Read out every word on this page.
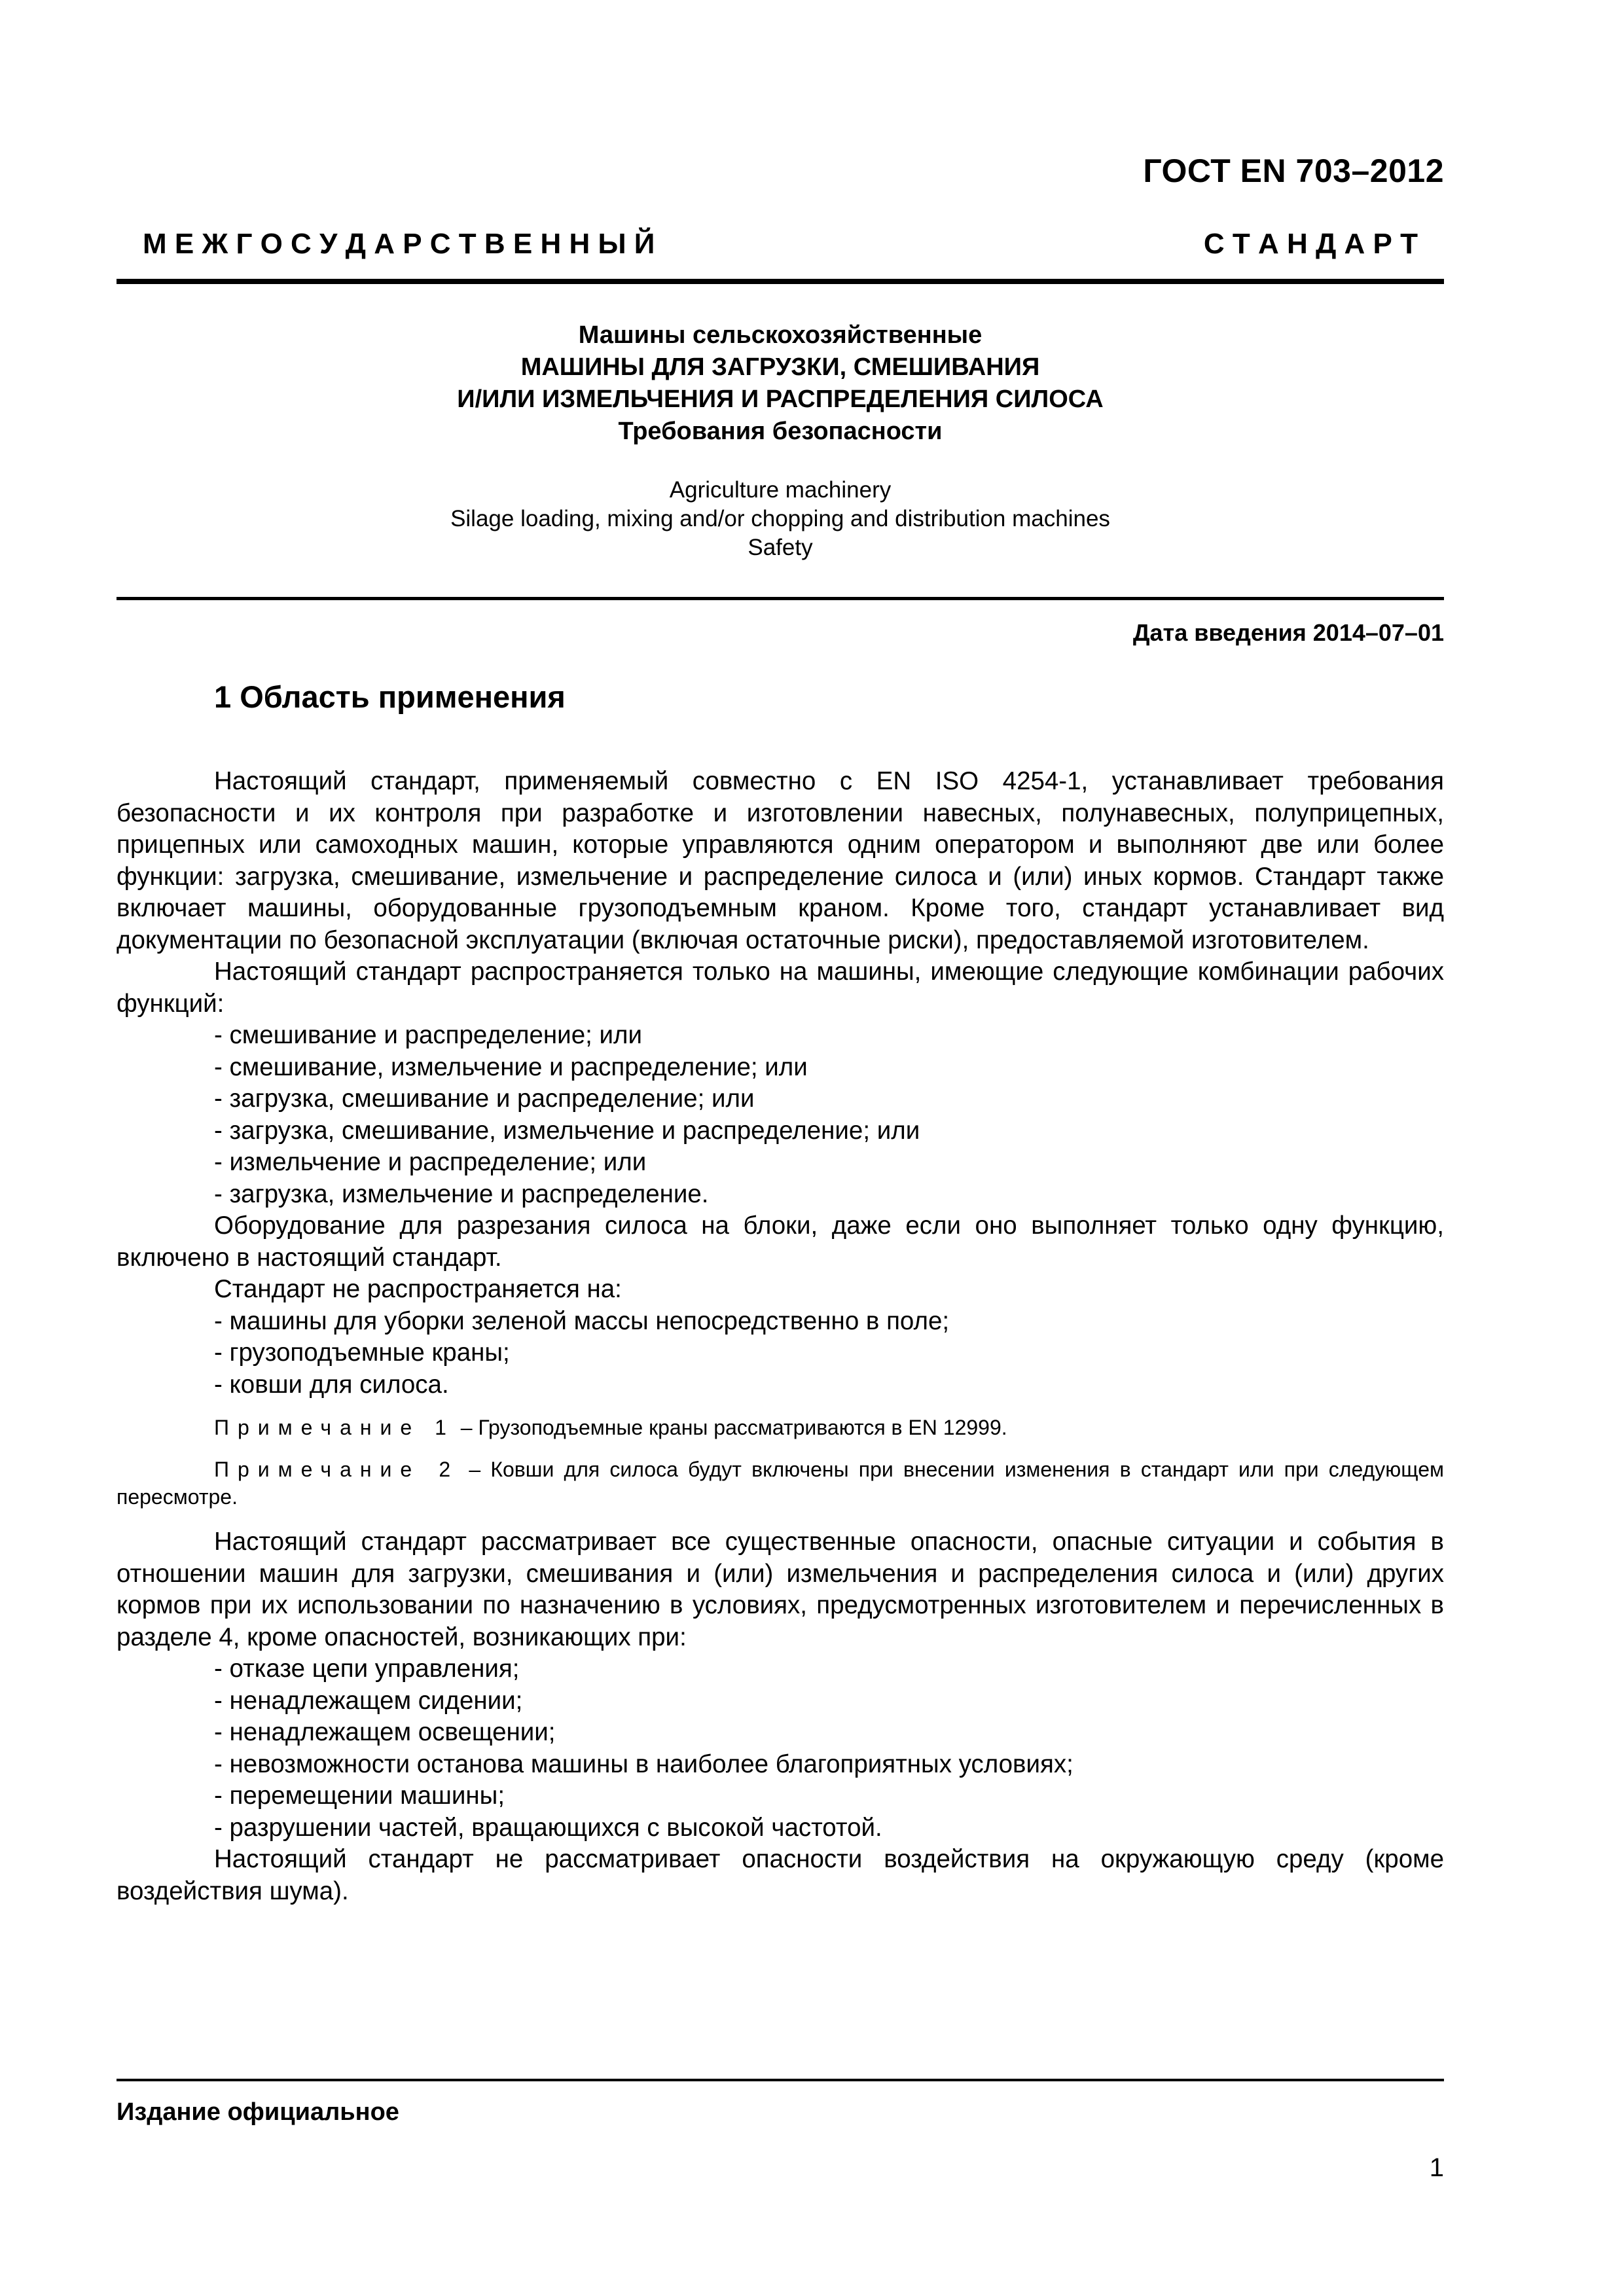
ГОСТ EN 703–2012
М Е Ж Г О С У Д А Р С Т В Е Н Н Ы Й	С Т А Н Д А Р Т
Машины сельскохозяйственные
МАШИНЫ ДЛЯ ЗАГРУЗКИ, СМЕШИВАНИЯ
И/ИЛИ ИЗМЕЛЬЧЕНИЯ И РАСПРЕДЕЛЕНИЯ СИЛОСА
Требования безопасности
Agriculture machinery
Silage loading, mixing and/or chopping and distribution machines
Safety
Дата введения 2014–07–01
1 Область применения

Настоящий стандарт, применяемый совместно с EN ISO 4254-1, устанавливает требования безопасности и их контроля при разработке и изготовлении навесных, полунавесных, полуприцепных, прицепных или самоходных машин, которые управляются одним оператором и выполняют две или более функции: загрузка, смешивание, измельчение и распределение силоса и (или) иных кормов. Стандарт также включает машины, оборудованные грузоподъемным краном. Кроме того, стандарт устанавливает вид документации по безопасной эксплуатации (включая остаточные риски), предоставляемой изготовителем.

Настоящий стандарт распространяется только на машины, имеющие следующие комбинации рабочих функций:

- смешивание и распределение; или
- смешивание, измельчение и распределение; или
- загрузка, смешивание и распределение; или
- загрузка, смешивание, измельчение и распределение; или
- измельчение и распределение; или
- загрузка, измельчение и распределение.

Оборудование для разрезания силоса на блоки, даже если оно выполняет только одну функцию, включено в настоящий стандарт.

Стандарт не распространяется на:

- машины для уборки зеленой массы непосредственно в поле;
- грузоподъемные краны;
- ковши для силоса.

Примечание 1 – Грузоподъемные краны рассматриваются в EN 12999.

Примечание 2 – Ковши для силоса будут включены при внесении изменения в стандарт или при следующем пересмотре.

Настоящий стандарт рассматривает все существенные опасности, опасные ситуации и события в отношении машин для загрузки, смешивания и (или) измельчения и распределения силоса и (или) других кормов при их использовании по назначению в условиях, предусмотренных изготовителем и перечисленных в разделе 4, кроме опасностей, возникающих при:

- отказе цепи управления;
- ненадлежащем сидении;
- ненадлежащем освещении;
- невозможности останова машины в наиболее благоприятных условиях;
- перемещении машины;
- разрушении частей, вращающихся с высокой частотой.

Настоящий стандарт не рассматривает опасности воздействия на окружающую среду (кроме воздействия шума).

Издание официальное
1
